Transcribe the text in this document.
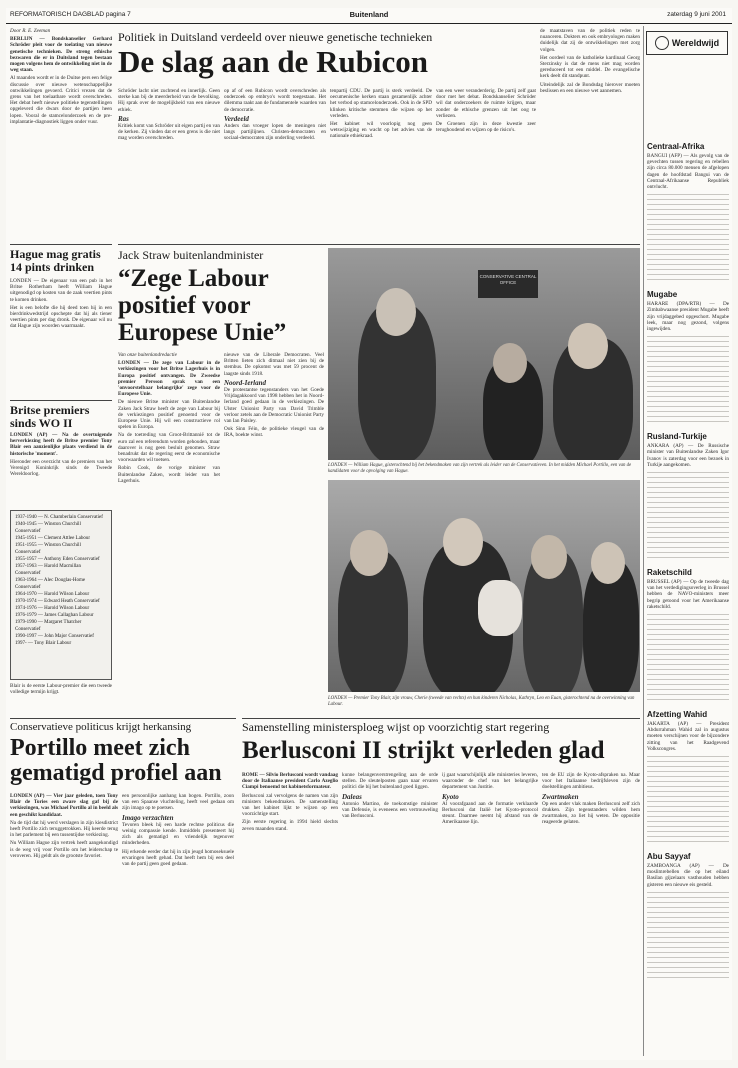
REFORMATORISCH DAGBLAD pagina 7	Buitenland	zaterdag 9 juni 2001

Door R. E. Zeeman

BERLIJN — Bondskanselier Gerhard Schröder pleit voor de toelating van nieuwe genetische technieken. De streng ethische bezwaren die er in Duitsland tegen bestaan mogen volgens hem de ontwikkeling niet in de weg staan.

Al maanden wordt er in de Duitse pers een felige discussie over nieuwe wetenschappelijke ontwikkelingen gevoerd. Critici vrezen dat de grens van het toelaatbare wordt overschreden. Het debat heeft nieuwe politieke tegenstellingen opgeleverd die dwars door de partijen heen lopen. Vooral de stamcelonderzoek en de pre-implantatie-diagnostiek liggen onder vuur.

Politiek in Duitsland verdeeld over nieuwe genetische technieken
De slag aan de Rubicon

Schröder lacht niet zuchtend en innerlijk. Geen sterke kan bij de meerderheid van de bevolking. Hij sprak over de mogelijkheid van een nieuwe ethiek.

Ras

Kritiek komt van Schröder uit eigen partij en van de kerken. Zij vinden dat er een grens is die niet mag worden overschreden.

op af of een Rubicon wordt overschreden als onderzoek op embryo's wordt toegestaan. Het dilemma raakt aan de fundamentele waarden van de democratie.

Verdeeld

Anders dan vroeger lopen de meningen niet langs partijlijnen. Christen-democraten en sociaal-democraten zijn onderling verdeeld.

tenpartij CDU. De partij is sterk verdeeld. De oecumenische kerken staan gezamenlijk achter het verbod op stamcelonderzoek. Ook in de SPD klinken kritische stemmen die wijzen op het verleden.

Het kabinet wil voorlopig nog geen wetswijziging en wacht op het advies van de nationale ethiekraad.

van een weer veranderderig. De partij zelf gaat door met het debat. Bondskanselier Schröder wil dat onderzoekers de ruimte krijgen, maar zonder de ethische grenzen uit het oog te verliezen.

De Groenen zijn in deze kwestie zeer terughoudend en wijzen op de risico's.

de maatstaven van de politiek reden te nuanceren. Dokters en ook embryologen maken duidelijk dat zij de ontwikkelingen met zorg volgen.

Het oordeel van de katholieke kardinaal Georg Sterzinsky is dat de mens niet mag worden gereduceerd tot een middel. De evangelische kerk deelt dit standpunt.

Uiteindelijk zal de Bondsdag hierover moeten beslissen en een nieuwe wet aannemen.

Hague mag gratis 14 pints drinken

LONDEN — De eigenaar van een pub in het Britse Rotherham heeft William Hague uitgenodigd op kosten van de zaak veertien pints te komen drinken.

Het is een belofte die hij deed toen hij in een bierdrinkwedstrijd opschepte dat hij als tiener veertien pints per dag dronk. De eigenaar wil nu dat Hague zijn woorden waarmaakt.

Britse premiers sinds WO II

LONDEN (AP) — Na de overtuigende herverkiezing heeft de Britse premier Tony Blair een aanzienlijke plaats verdiend in de historische 'moment'.

Hieronder een overzicht van de premiers van het Verenigd Koninkrijk sinds de Tweede Wereldoorlog.

1937-1940 — N. Chamberlain Conservatief
1940-1945 — Winston Churchill Conservatief
1945-1951 — Clement Attlee Labour
1951-1955 — Winston Churchill Conservatief
1955-1957 — Anthony Eden Conservatief
1957-1963 — Harold Macmillan Conservatief
1963-1964 — Alec Douglas-Home Conservatief
1964-1970 — Harold Wilson Labour
1970-1974 — Edward Heath Conservatief
1974-1976 — Harold Wilson Labour
1976-1979 — James Callaghan Labour
1979-1990 — Margaret Thatcher Conservatief
1990-1997 — John Major Conservatief
1997- — Tony Blair Labour

Blair is de eerste Labour-premier die een tweede volledige termijn krijgt.

Jack Straw buitenlandminister
“Zege Labour
positief voor
Europese Unie”

Van onze buitenlandredactie

LONDEN — De zege van Labour in de verkiezingen voor het Britse Lagerhuis is in Europa positief ontvangen. De Zweedse premier Persson sprak van een 'onvoorstelbaar belangrijke' zege voor de Europese Unie.

De nieuwe Britse minister van Buitenlandse Zaken Jack Straw heeft de zege van Labour bij de verkiezingen positief genoemd voor de Europese Unie. Hij wil een constructieve rol spelen in Europa.

Na de toetreding van Groot-Brittannië tot de euro zal een referendum worden gehouden, maar daarover is nog geen besluit genomen. Straw benadrukt dat de regering eerst de economische voorwaarden wil toetsen.

Robin Cook, de vorige minister van Buitenlandse Zaken, wordt leider van het Lagerhuis.

nieuwe van de Liberale Democraten. Veel Britten lieten zich ditmaal niet zien bij de stembus. De opkomst was met 59 procent de laagste sinds 1918.

Noord-Ierland

De protestantse tegenstanders van het Goede Vrijdagakkoord van 1998 hebben het in Noord-Ierland goed gedaan in de verkiezingen. De Ulster Unionist Party van David Trimble verloor zetels aan de Democratic Unionist Party van Ian Paisley.

Ook Sinn Féin, de politieke vleugel van de IRA, boekte winst.

CONSERVATIVE CENTRAL OFFICE
LONDEN — William Hague, gisterochtend bij het bekendmaken van zijn vertrek als leider van de Conservatieven. In het midden Michael Portillo, een van de kandidaten voor de opvolging van Hague.
LONDEN — Premier Tony Blair, zijn vrouw, Cherie (tweede van rechts) en hun kinderen Nicholas, Kathryn, Leo en Euan, gisterochtend na de overwinning van Labour.
Conservatieve politicus krijgt herkansing
Portillo meet zich gematigd profiel aan

LONDEN (AP) — Vier jaar geleden, toen Tony Blair de Tories een zware slag gaf bij de verkiezingen, was Michael Portillo al in beeld als een geschikt kandidaat.

Na de tijd dat hij werd verslagen in zijn kiesdistrict heeft Portillo zich teruggetrokken. Hij keerde terug in het parlement bij een tussentijdse verkiezing.

Nu William Hague zijn vertrek heeft aangekondigd is de weg vrij voor Portillo om het leiderschap te veroveren. Hij geldt als de grootste favoriet.

een persoonlijke aanhang kan bogen. Portillo, zoon van een Spaanse vluchteling, heeft veel gedaan om zijn imago op te poetsen.

Imago verzachten

Tevoren bleek hij een harde rechtse politicus die weinig compassie kende. Inmiddels presenteert hij zich als gematigd en vriendelijk tegenover minderheden.

Hij erkende eerder dat hij in zijn jeugd homoseksuele ervaringen heeft gehad. Dat heeft hem bij een deel van de partij geen goed gedaan.

Samenstelling ministersploeg wijst op voorzichtig start regering
Berlusconi II strijkt verleden glad

ROME — Silvio Berlusconi wordt vandaag door de Italiaanse president Carlo Azeglio Ciampi benoemd tot kabinetsformateur.

Berlusconi zal vervolgens de namen van zijn ministers bekendmaken. De samenstelling van het kabinet lijkt te wijzen op een voorzichtige start.

Zijn eerste regering in 1994 hield slechts zeven maanden stand.

kunne belangenverstrengeling aan de orde stellen. De sleutelposten gaan naar ervaren politici die bij het buitenland goed liggen.

Daleas

Antonio Martino, de toekomstige minister van Defensie, is eveneens een vertrouweling van Berlusconi.

ij gaat waarschijnlijk alle ministeries leveren, waaronder de chef van het belangrijke departement van Justitie.

Kyoto

Al voorafgaand aan de formatie verklaarde Berlusconi dat Italië het Kyoto-protocol steunt. Daarmee neemt hij afstand van de Amerikaanse lijn.

ten de EU zijn de Kyoto-afspraken na. Maar voor het Italiaanse bedrijfsleven zijn de doelstellingen ambitieus.

Zwartmaken

Op een ander vlak maken Berlusconi zelf zich drukken. Zijn tegenstanders wilden hem zwartmaken, zo liet hij weten. De oppositie reageerde gelaten.

Wereldwijd
Centraal-Afrika
BANGUI (AFP) — Als gevolg van de gevechten tussen regering en rebellen zijn circa 80.000 mensen de afgelopen dagen de hoofdstad Bangui van de Centraal-Afrikaanse Republiek ontvlucht.
Mugabe
HARARE (DPA/RTR) — De Zimbabwaanse president Mugabe heeft zijn vrijdaggebed opgeschort. Mugabe leek, maar nog gezond, volgens ingewijden.
Rusland-Turkije
ANKARA (AP) — De Russische minister van Buitenlandse Zaken Igor Ivanov is zaterdag voor een bezoek in Turkije aangekomen.
Raketschild
BRUSSEL (AP) — Op de tweede dag van het verdedigingsoverleg in Brussel hebben de NAVO-ministers meer begrip getoond voor het Amerikaanse raketschild.
Afzetting Wahid
JAKARTA (AP) — President Abdurrahman Wahid zal in augustus moeten verschijnen voor de bijzondere zitting van het Raadgevend Volkscongres.
Abu Sayyaf
ZAMBOANGA (AP) — De moslimrebellen die op het eiland Basilan gijzelaars vasthouden hebben gisteren een nieuwe eis gesteld.
